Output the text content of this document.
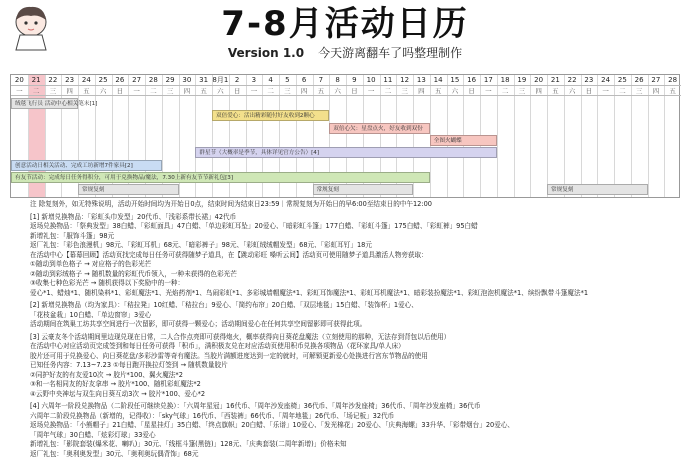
7-8月活动日历
Version 1.0 今天游离翻车了吗整理制作
20	21	22	23	24	25	26	27	28	29	30	31 8月1 2	3	4	5	6	7	8	9	10	11	12	13	14	15	16	17	18	19	20	21	22	23	24	25	26	27	28
一	二	三	四	五	六	日	一	二	三	四	五	六	日	一	二	三	四	五	六	日	一	二	三	四	五	六	日	一	二	三	四	五	六	日	一	二	三	四	五
绒毯飞行员 活动中心相关笔末[1]
双倍爱心：活出精彩随付好友收到2颗心
双倍心欠：星盘点火，好友收到双份
全图火蝴蝶
群星节（大概率是季节，具体详见官方公告）[4]
创意活动日相关活动、完成工坊新增7件家具[2]
有友节活动：完成每日任务得积分，可用于兑换物品/魔法，7.30上新有友节节新礼包[3]
常规复刻	常规复刻	常规复刻
注 除复刻外，如无特殊说明，活动开始时间均为开始日0点，结束时间为结束日23:59｜常规复刻为开始日的早6:00至结束日的中午12:00
[1] 新增兑换物品：「彩虹头巾发型」20代币、「浅彩系带长裙」42代币
返场兑换物品：「祭典发型」38白蜡、「彩虹面具」47白蜡、「单边彩虹耳坠」20爱心、「暗彩虹斗篷」177白蜡、「彩虹斗篷」175白蜡、「彩虹裤」95白蜡
新增礼包：「服饰斗篷」98元
返厂礼包：「彩色浪漫机」98元、「彩虹耳机」68元、「暗彩裤子」98元、「彩虹绒绒帽发型」68元、「彩虹耳钉」18元
在活动中心【幕幕回顾】活动页找完成每日任务可获得随梦子道具，在【跳动彩旺 嗓听云间】活动页可使用随梦子道具激活人物旁获取：
①随动到单色格子 → 对应格子的色彩光芒
②随动到彩绒格子 → 随机数量的彩虹代币领入，一种未获得的色彩光芒
③收集七种色彩光芒 → 随机获得以下奖励中的一种：
爱心*1、蜡烛*1、随机染料*1、彩虹魔法*1、光焰药剂*1、鸟闹彩虹*1、多彩城墙帽魔法*1、彩虹耳饰魔法*1、彩虹耳机魔法*1、暗彩装扮魔法*1、彩虹泡泡机魔法*1、缤纷飘带斗篷魔法*1
[2] 新增兑换物品（均为家具）：「秸拉凳」10红蜡、「秸拉台」9爱心、「简约布帘」20白蜡、「双层地毯」15白蜡、「装饰杯」1爱心、
「花枝盆栽」10白蜡、「单边窗帘」3爱心
活动期间在筑巢工坊共享空间进行一次留影，即可获得一颗爱心；活动期间爱心在任何共享空间留影即可获得此项。
[3] 云豪友冬个活动期间里边现兑现在日常，二人合作点亮即可获得炮火，概率获得向日葵花盘魔法（立刻使用的那种，无法存到背包以后使用）
在活动中心对应活动页完成签到和每日任务可获得「积币」，满积极友兑在对应活动页使用积币兑换各项物品（花环家具/单人床）
胶片还可用于兑换爱心、向日葵花盘/多彩沙雷等奇有魔法。当胶片满额进度达到一定的就时，可解锁更新爱心处换进行宫东节物品的使用
已知任务内容：7.13~7.23 ①每日跑开换拉灯签到 → 随机数量胶片
②同护好友的有友爱10次 → 胶片*100、翼火魔法*2
③和一名相同友的好友拿串 → 胶片*100、随机彩虹魔法*2
④云野中央神坛与双生向日葵互动3次 → 胶片*100、爱心*2
[4] 六周年一阶段兑换物品（二阶段任可继续兑换）：「六周年星冠」16代币、「周年沙发座椅」36代币、「周年沙发座椅」36代币、「周年沙发座椅」36代币
六周年二阶段兑换物品（新增的，记得收）：「sky气球」16代币、「西装裤」66代币、「周年地毯」26代币、「场记板」32代币
返场兑换物品：「小熊帽子」21白蜡、「星星挂灯」35白蜡、「终点旗帜」20白蜡、「乐谱」10爱心、「发光棉花」20爱心、「庆典海螺」33升华、「彩带烟台」20爱心、
「周年气球」30白蜡、「炫彩灯球」33爱心
新增礼包：「影院套装(爆米花、喇叭)」30元、「线框斗篷(黑链)」128元、「庆典套装(二周年新增)」价格未知
返厂礼包：「奥利奥发型」30元、「奥利奥玩偶背饰」68元
